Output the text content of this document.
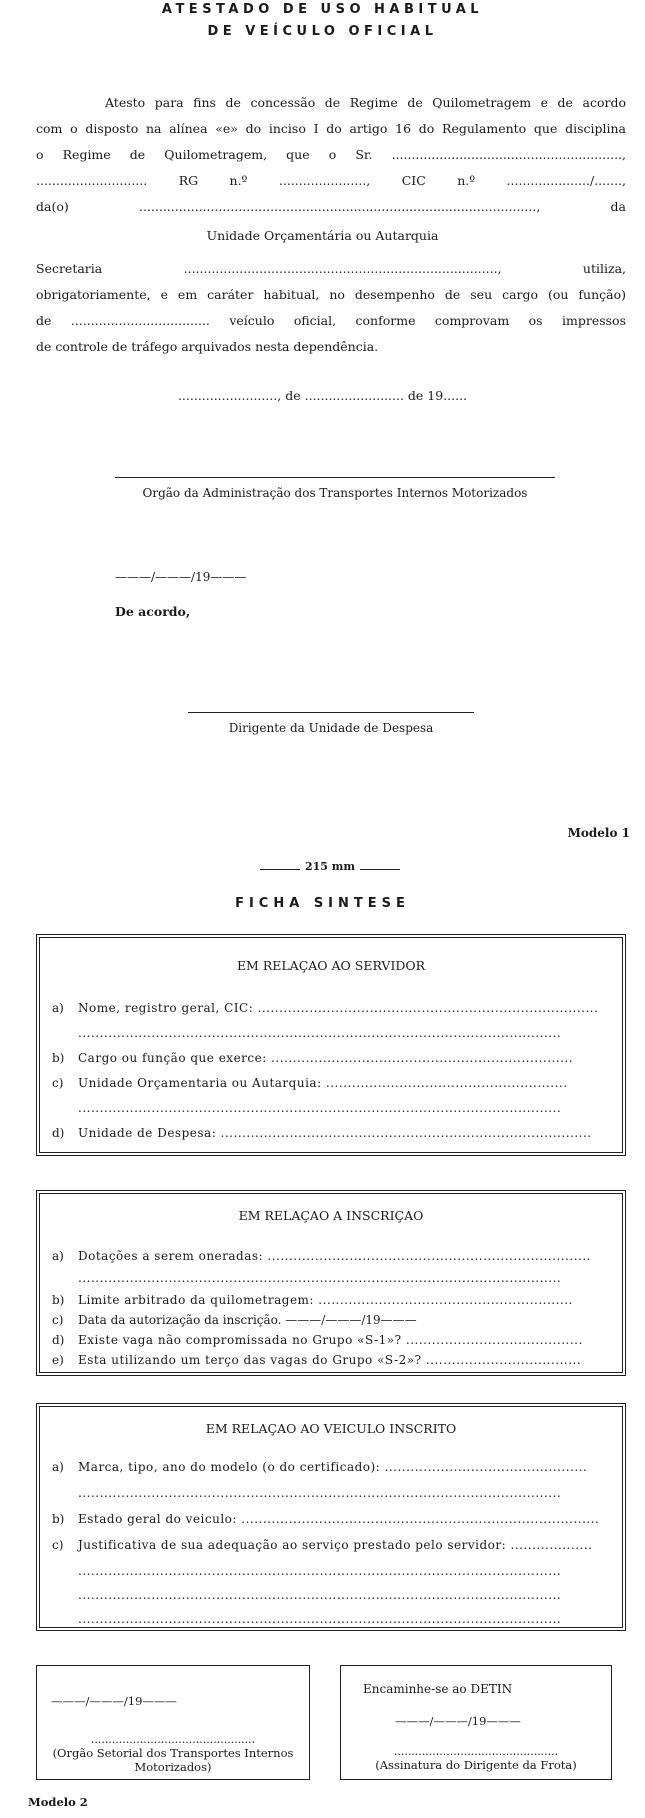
ATESTADO DE USO HABITUAL
DE VEÍCULO OFICIAL
Atesto para fins de concessão de Regime de Quilometragem e de acordo
com o disposto na alínea «e» do inciso I do artigo 16 do Regulamento que disciplina
o Regime de Quilometragem, que o Sr. ..........................................................,
............................ RG n.º ......................, CIC n.º ...................../.......,
da(o) ...................................................................................................., da
Unidade Orçamentária ou Autarquia
Secretaria ..............................................................................., utiliza,
obrigatoriamente, e em caráter habitual, no desempenho de seu cargo (ou função)
de ................................... veículo oficial, conforme comprovam os impressos
de controle de tráfego arquivados nesta dependência.
........................., de ......................... de 19......
Orgão da Administração dos Transportes Internos Motorizados
———/———/19———
De acordo,
Dirigente da Unidade de Despesa
Modelo 1
215 mm
FICHA SINTESE
EM RELAÇAO AO SERVIDOR
a) Nome, registro geral, CIC: ...............................................................................
................................................................................................................
b) Cargo ou função que exerce: ......................................................................
c) Unidade Orçamentaria ou Autarquia: ........................................................
................................................................................................................
d) Unidade de Despesa: ......................................................................................
EM RELAÇAO A INSCRIÇAO
a) Dotações a serem oneradas: ...........................................................................
................................................................................................................
b) Limite arbitrado da quilometragem: ...........................................................
c) Data da autorização da inscrição. ———/———/19———
d) Existe vaga não compromissada no Grupo «S-1»? .........................................
e) Esta utilizando um terço das vagas do Grupo «S-2»? ....................................
EM RELAÇAO AO VEICULO INSCRITO
a) Marca, tipo, ano do modelo (o do certificado): ...............................................
................................................................................................................
b) Estado geral do veiculo: ...................................................................................
c) Justificativa de sua adequação ao serviço prestado pelo servidor: ...................
................................................................................................................
................................................................................................................
................................................................................................................
———/———/19———
...............................................
(Orgão Setorial dos Transportes Internos Motorizados)
Encaminhe-se ao DETIN
———/———/19———
...............................................
(Assinatura do Dirigente da Frota)
Modelo 2
